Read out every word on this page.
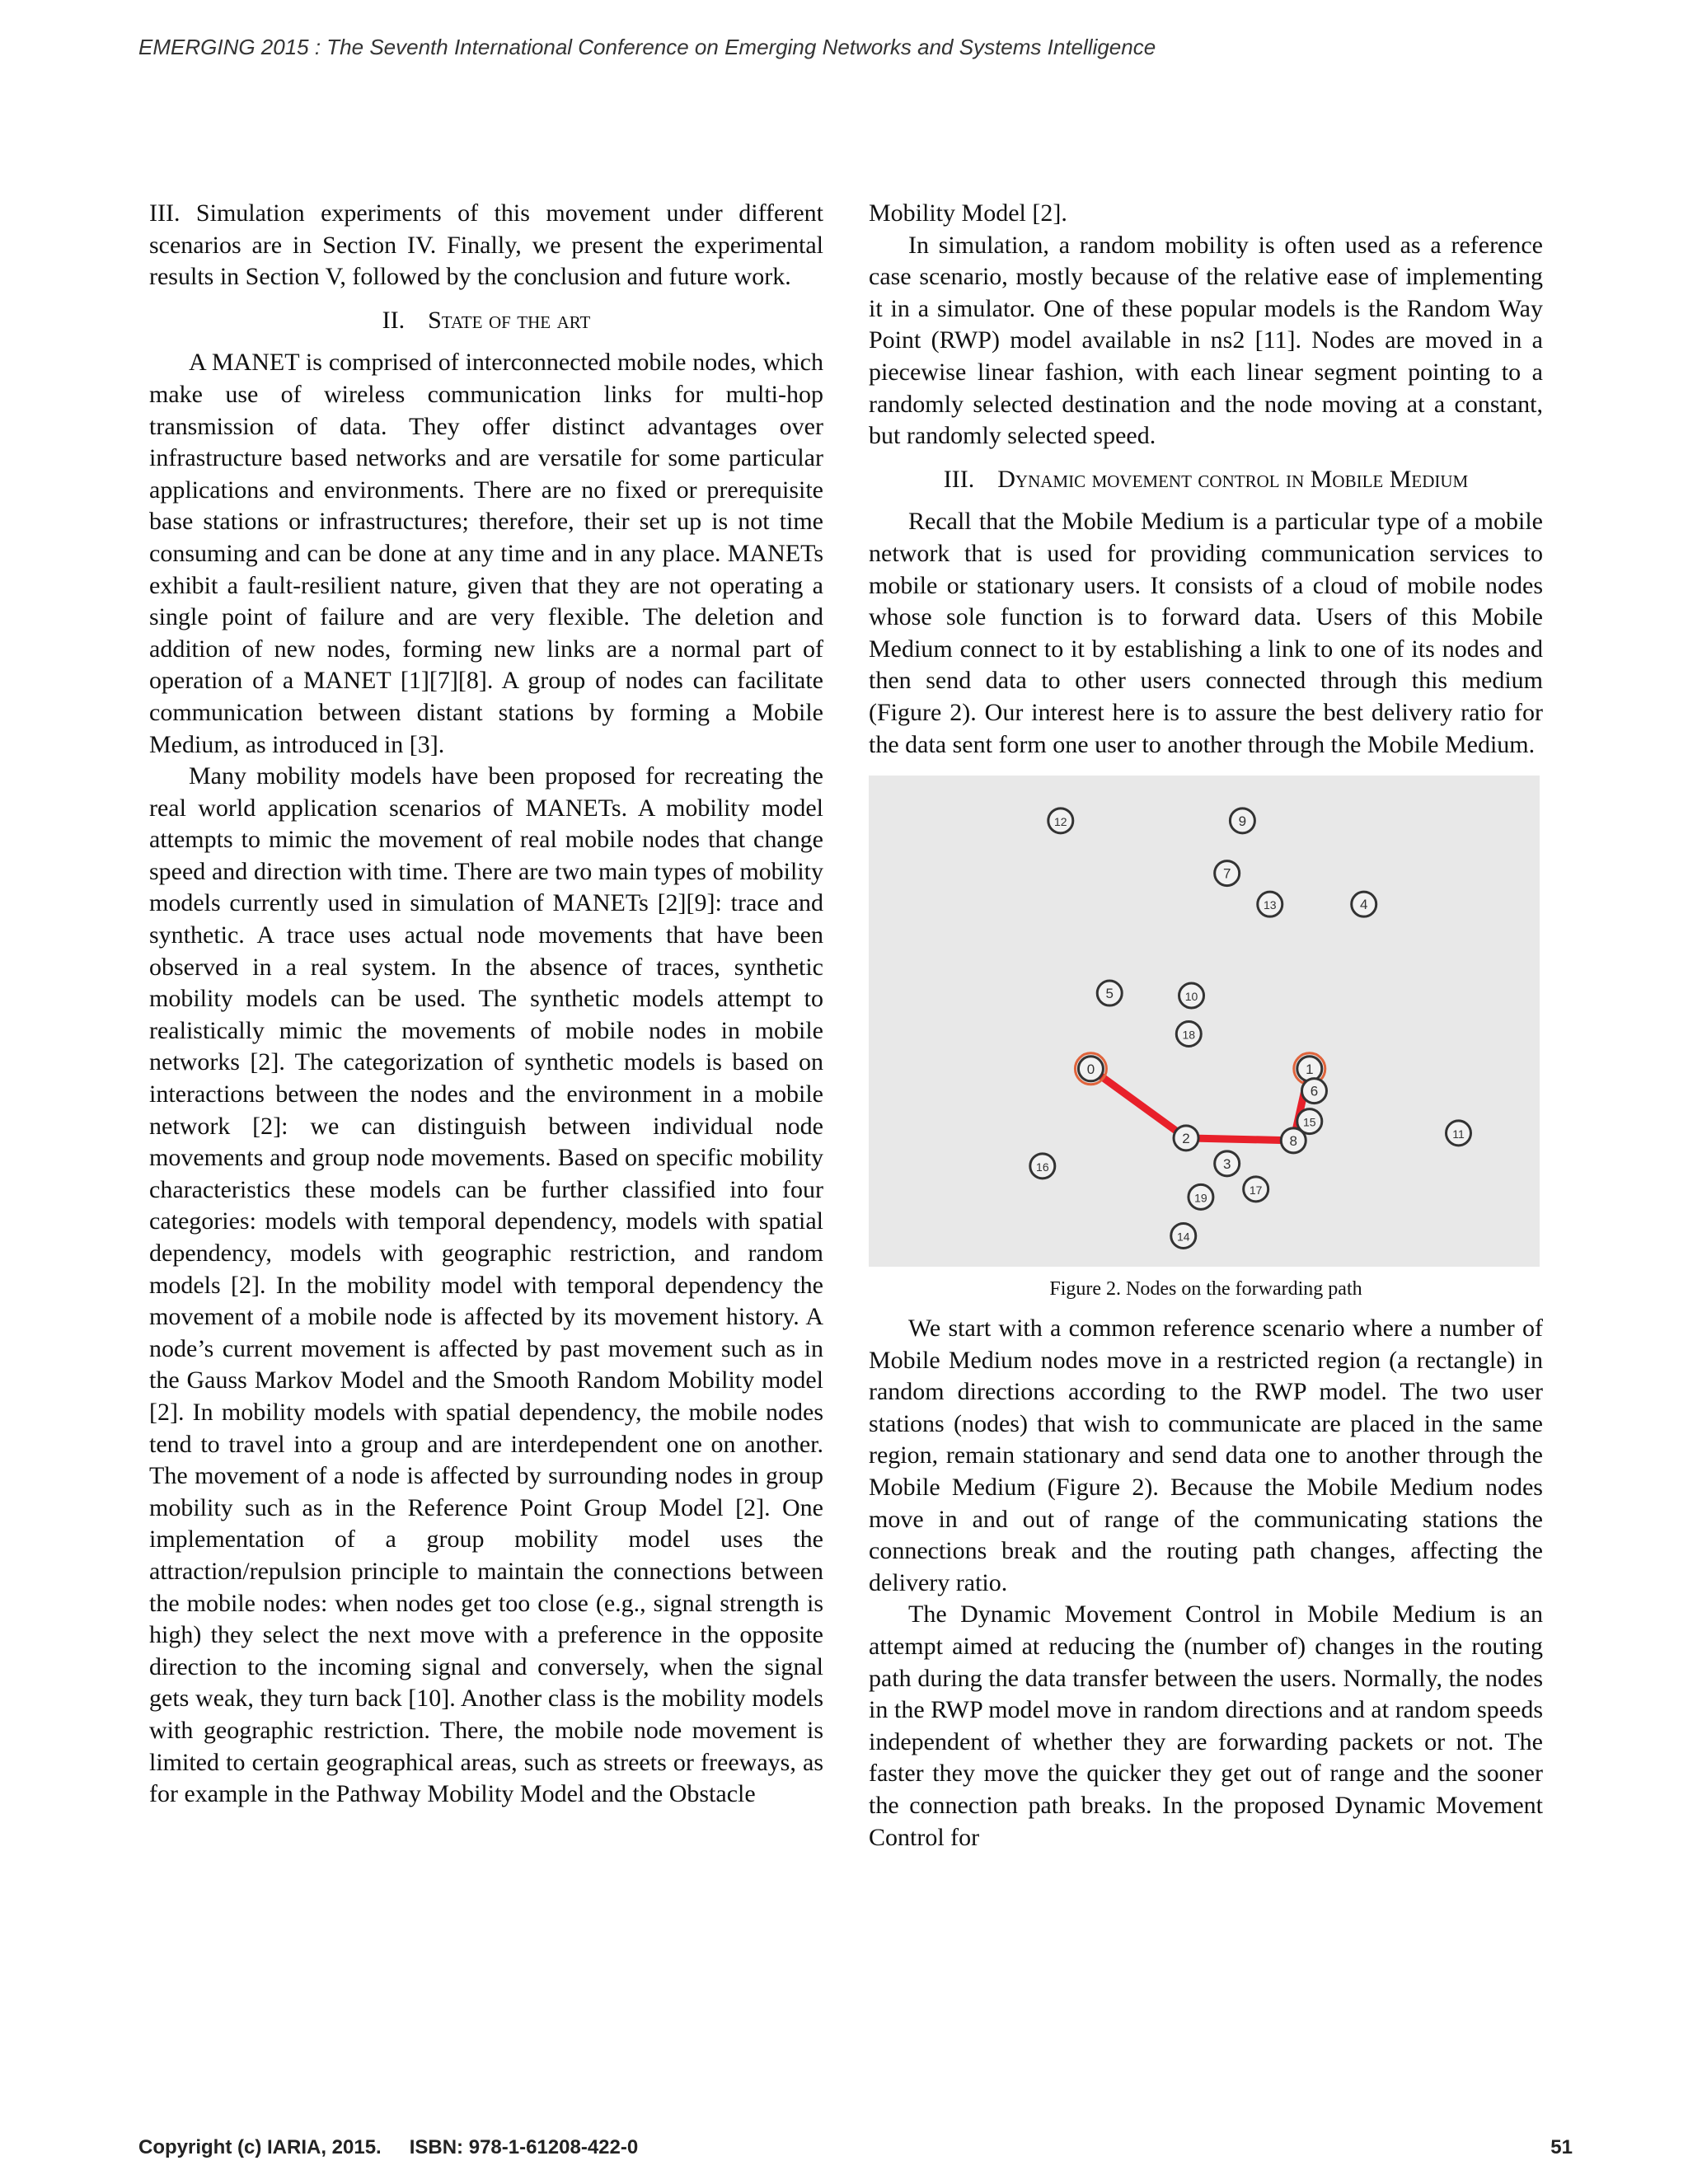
EMERGING 2015 : The Seventh International Conference on Emerging Networks and Systems Intelligence

III. Simulation experiments of this movement under different scenarios are in Section IV. Finally, we present the experimental results in Section V, followed by the conclusion and future work.

II. State of the art

A MANET is comprised of interconnected mobile nodes, which make use of wireless communication links for multi-hop transmission of data. They offer distinct advantages over infrastructure based networks and are versatile for some particular applications and environments. There are no fixed or prerequisite base stations or infrastructures; therefore, their set up is not time consuming and can be done at any time and in any place. MANETs exhibit a fault-resilient nature, given that they are not operating a single point of failure and are very flexible. The deletion and addition of new nodes, forming new links are a normal part of operation of a MANET [1][7][8]. A group of nodes can facilitate communication between distant stations by forming a Mobile Medium, as introduced in [3].

Many mobility models have been proposed for recreating the real world application scenarios of MANETs. A mobility model attempts to mimic the movement of real mobile nodes that change speed and direction with time. There are two main types of mobility models currently used in simulation of MANETs [2][9]: trace and synthetic. A trace uses actual node movements that have been observed in a real system. In the absence of traces, synthetic mobility models can be used. The synthetic models attempt to realistically mimic the movements of mobile nodes in mobile networks [2]. The categorization of synthetic models is based on interactions between the nodes and the environment in a mobile network [2]: we can distinguish between individual node movements and group node movements. Based on specific mobility characteristics these models can be further classified into four categories: models with temporal dependency, models with spatial dependency, models with geographic restriction, and random models [2]. In the mobility model with temporal dependency the movement of a mobile node is affected by its movement history. A node’s current movement is affected by past movement such as in the Gauss Markov Model and the Smooth Random Mobility model [2]. In mobility models with spatial dependency, the mobile nodes tend to travel into a group and are interdependent one on another. The movement of a node is affected by surrounding nodes in group mobility such as in the Reference Point Group Model [2]. One implementation of a group mobility model uses the attraction/repulsion principle to maintain the connections between the mobile nodes: when nodes get too close (e.g., signal strength is high) they select the next move with a preference in the opposite direction to the incoming signal and conversely, when the signal gets weak, they turn back [10]. Another class is the mobility models with geographic restriction. There, the mobile node movement is limited to certain geographical areas, such as streets or freeways, as for example in the Pathway Mobility Model and the Obstacle

Mobility Model [2].

In simulation, a random mobility is often used as a reference case scenario, mostly because of the relative ease of implementing it in a simulator. One of these popular models is the Random Way Point (RWP) model available in ns2 [11]. Nodes are moved in a piecewise linear fashion, with each linear segment pointing to a randomly selected destination and the node moving at a constant, but randomly selected speed.

III. Dynamic movement control in Mobile Medium

Recall that the Mobile Medium is a particular type of a mobile network that is used for providing communication services to mobile or stationary users. It consists of a cloud of mobile nodes whose sole function is to forward data. Users of this Mobile Medium connect to it by establishing a link to one of its nodes and then send data to other users connected through this medium (Figure 2). Our interest here is to assure the best delivery ratio for the data sent form one user to another through the Mobile Medium.

12	9
7
13	4
5	10
18
0	1
6
15
2	8	11
16	3
17
19
14
Figure 2. Nodes on the forwarding path

We start with a common reference scenario where a number of Mobile Medium nodes move in a restricted region (a rectangle) in random directions according to the RWP model. The two user stations (nodes) that wish to communicate are placed in the same region, remain stationary and send data one to another through the Mobile Medium (Figure 2). Because the Mobile Medium nodes move in and out of range of the communicating stations the connections break and the routing path changes, affecting the delivery ratio.

The Dynamic Movement Control in Mobile Medium is an attempt aimed at reducing the (number of) changes in the routing path during the data transfer between the users. Normally, the nodes in the RWP model move in random directions and at random speeds independent of whether they are forwarding packets or not. The faster they move the quicker they get out of range and the sooner the connection path breaks. In the proposed Dynamic Movement Control for

Copyright (c) IARIA, 2015. ISBN: 978-1-61208-422-0	51
